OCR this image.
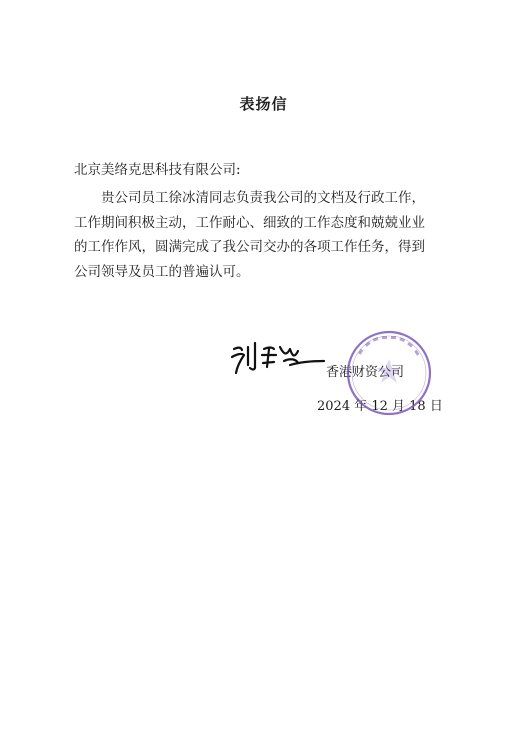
表扬信
北京美络克思科技有限公司:
贵公司员工徐冰清同志负责我公司的文档及行政工作，
工作期间积极主动，工作耐心、细致的工作态度和兢兢业业
的工作作风，圆满完成了我公司交办的各项工作任务，得到
公司领导及员工的普遍认可。
香港财资公司
2024 年 12 月 18 日
